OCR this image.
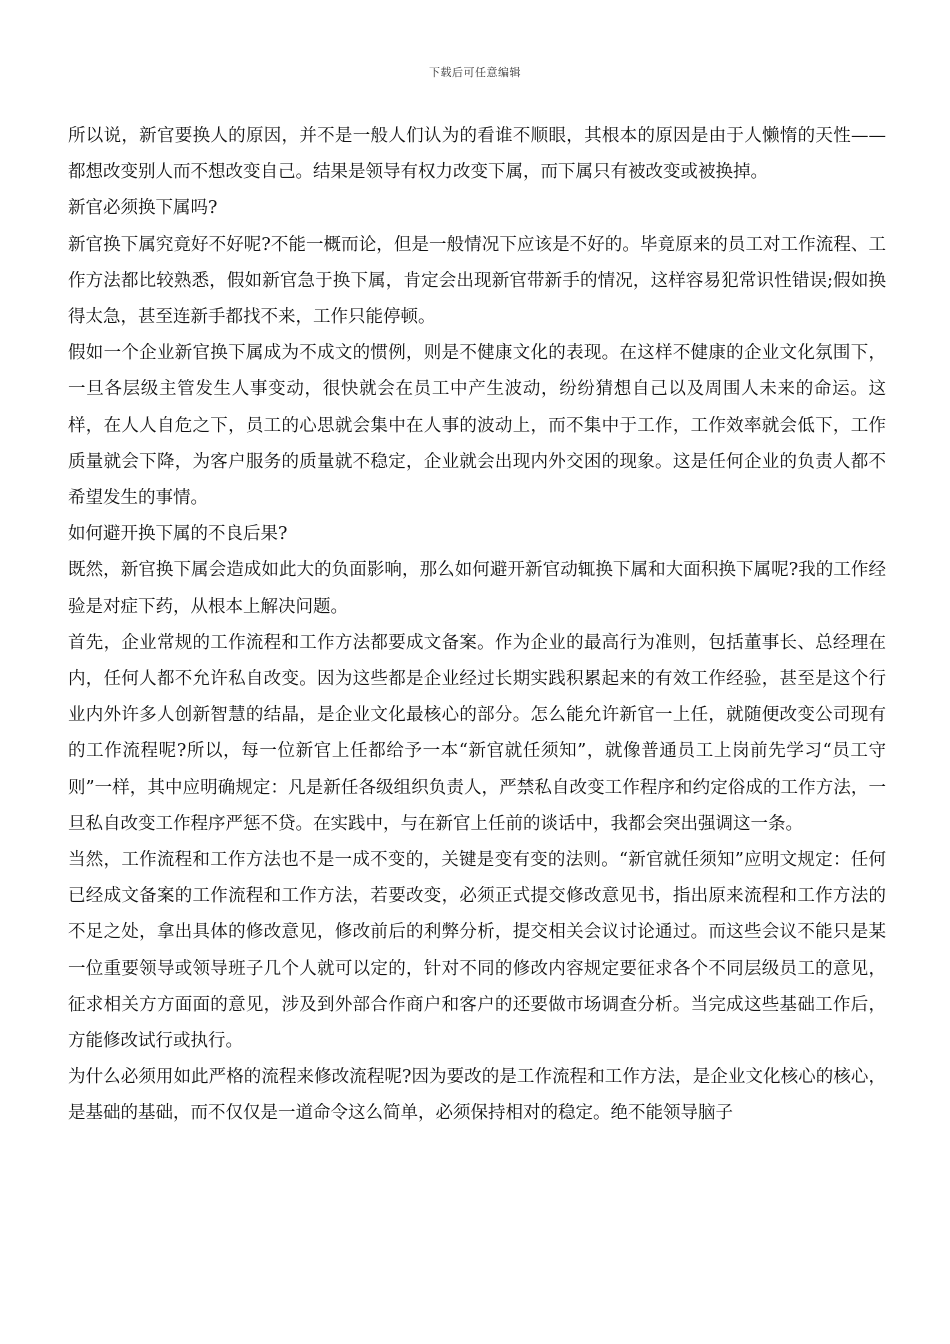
下载后可任意编辑

所以说，新官要换人的原因，并不是一般人们认为的看谁不顺眼，其根本的原因是由于人懒惰的天性——都想改变别人而不想改变自己。结果是领导有权力改变下属，而下属只有被改变或被换掉。

新官必须换下属吗?

新官换下属究竟好不好呢?不能一概而论，但是一般情况下应该是不好的。毕竟原来的员工对工作流程、工作方法都比较熟悉，假如新官急于换下属，肯定会出现新官带新手的情况，这样容易犯常识性错误;假如换得太急，甚至连新手都找不来，工作只能停顿。

假如一个企业新官换下属成为不成文的惯例，则是不健康文化的表现。在这样不健康的企业文化氛围下，一旦各层级主管发生人事变动，很快就会在员工中产生波动，纷纷猜想自己以及周围人未来的命运。这样，在人人自危之下，员工的心思就会集中在人事的波动上，而不集中于工作，工作效率就会低下，工作质量就会下降，为客户服务的质量就不稳定，企业就会出现内外交困的现象。这是任何企业的负责人都不希望发生的事情。

如何避开换下属的不良后果?

既然，新官换下属会造成如此大的负面影响，那么如何避开新官动辄换下属和大面积换下属呢?我的工作经验是对症下药，从根本上解决问题。

首先，企业常规的工作流程和工作方法都要成文备案。作为企业的最高行为准则，包括董事长、总经理在内，任何人都不允许私自改变。因为这些都是企业经过长期实践积累起来的有效工作经验，甚至是这个行业内外许多人创新智慧的结晶，是企业文化最核心的部分。怎么能允许新官一上任，就随便改变公司现有的工作流程呢?所以，每一位新官上任都给予一本“新官就任须知”，就像普通员工上岗前先学习“员工守则”一样，其中应明确规定：凡是新任各级组织负责人，严禁私自改变工作程序和约定俗成的工作方法，一旦私自改变工作程序严惩不贷。在实践中，与在新官上任前的谈话中，我都会突出强调这一条。

当然，工作流程和工作方法也不是一成不变的，关键是变有变的法则。“新官就任须知”应明文规定：任何已经成文备案的工作流程和工作方法，若要改变，必须正式提交修改意见书，指出原来流程和工作方法的不足之处，拿出具体的修改意见，修改前后的利弊分析，提交相关会议讨论通过。而这些会议不能只是某一位重要领导或领导班子几个人就可以定的，针对不同的修改内容规定要征求各个不同层级员工的意见，征求相关方方面面的意见，涉及到外部合作商户和客户的还要做市场调查分析。当完成这些基础工作后，方能修改试行或执行。

为什么必须用如此严格的流程来修改流程呢?因为要改的是工作流程和工作方法，是企业文化核心的核心，是基础的基础，而不仅仅是一道命令这么简单，必须保持相对的稳定。绝不能领导脑子
